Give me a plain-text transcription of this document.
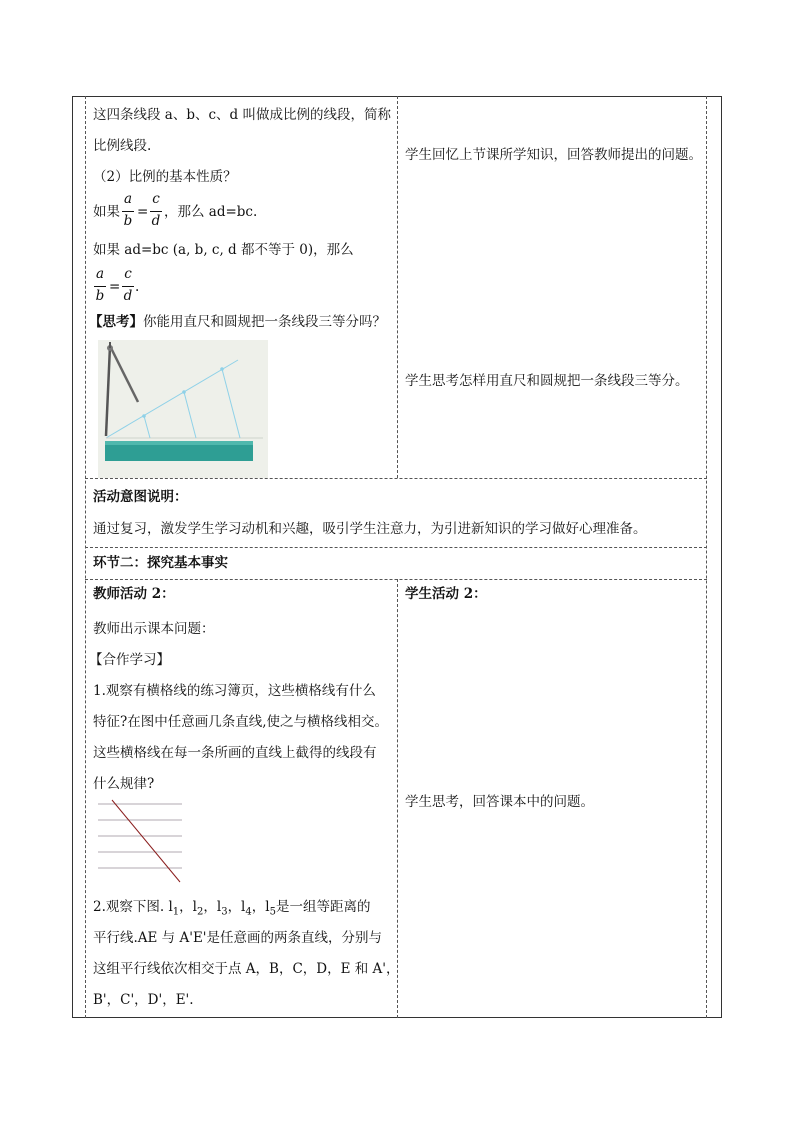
这四条线段 a、b、c、d 叫做成比例的线段，简称
比例线段.
（2）比例的基本性质？
如果
a
b
=
c
d
，那么 ad=bc.
如果 ad=bc (a, b, c, d 都不等于 0)，那么
a
b
=
c
d
.
【思考】你能用直尺和圆规把一条线段三等分吗？
学生回忆上节课所学知识，回答教师提出的问题。
学生思考怎样用直尺和圆规把一条线段三等分。
活动意图说明：
通过复习，激发学生学习动机和兴趣，吸引学生注意力，为引进新知识的学习做好心理准备。
环节二：探究基本事实
教师活动 2：	学生活动 2：
教师出示课本问题：
【合作学习】
1.观察有横格线的练习簿页，这些横格线有什么
特征?在图中任意画几条直线,使之与横格线相交。
这些横格线在每一条所画的直线上截得的线段有
什么规律?
2.观察下图. $l_1$，$l_2$，$l_3$，$l_4$，$l_5$是一组等距离的
平行线.AE 与 A'E'是任意画的两条直线，分别与
这组平行线依次相交于点 A，B，C，D，E 和 A'，
B'，C'，D'，E'.
学生思考，回答课本中的问题。
